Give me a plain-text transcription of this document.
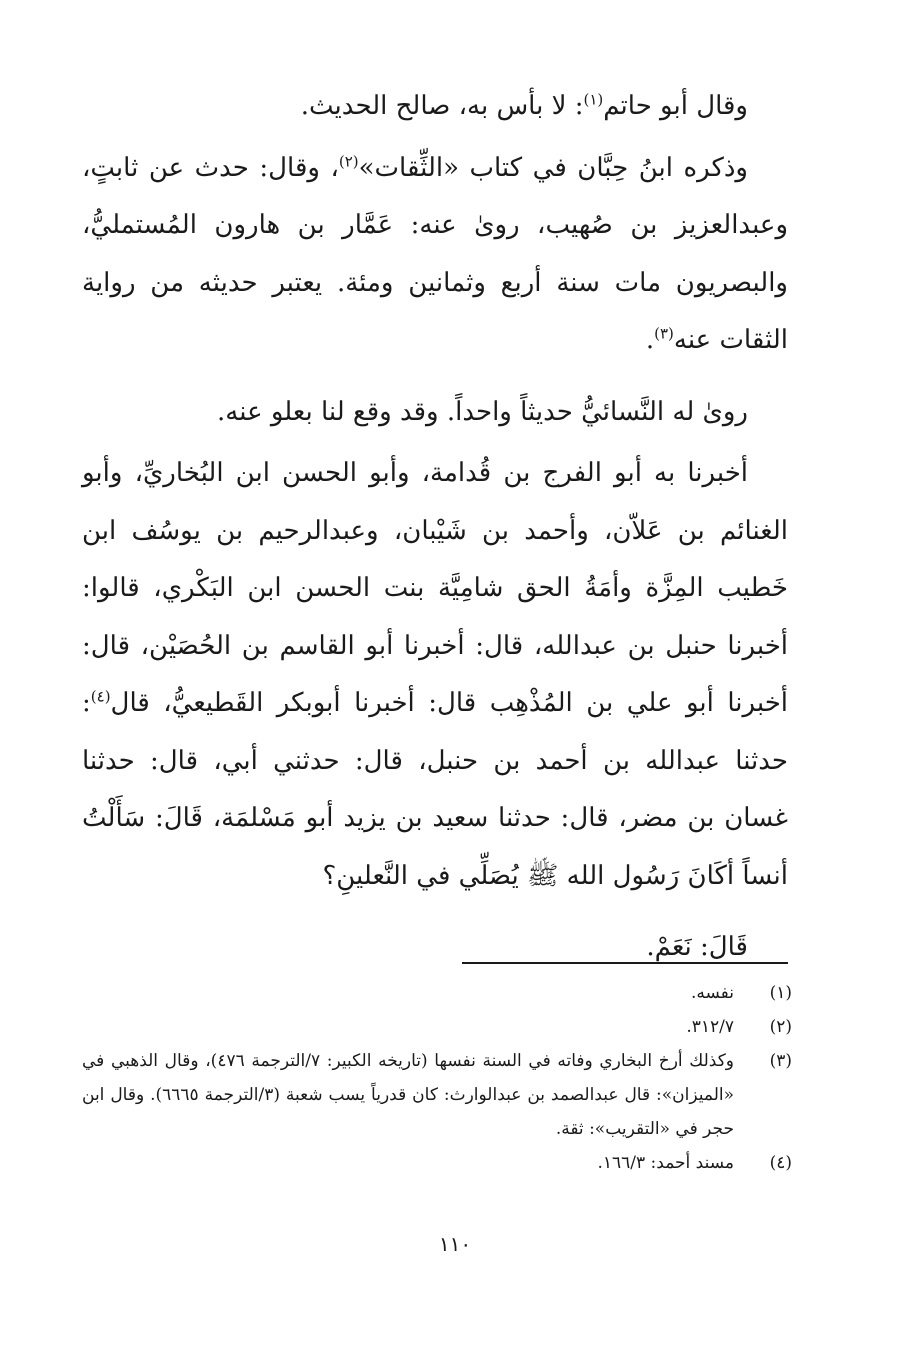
وقال أبو حاتم$^{(١)}$: لا بأس به، صالح الحديث.

وذكره ابنُ حِبَّان في كتاب «الثِّقات»$^{(٢)}$، وقال: حدث عن ثابتٍ، وعبدالعزيز بن صُهيب، روىٰ عنه: عَمَّار بن هارون المُستمليُّ، والبصريون مات سنة أربع وثمانين ومئة. يعتبر حديثه من رواية الثقات عنه$^{(٣)}$.

روىٰ له النَّسائيُّ حديثاً واحداً. وقد وقع لنا بعلو عنه.

أخبرنا به أبو الفرج بن قُدامة، وأبو الحسن ابن البُخاريِّ، وأبو الغنائم بن عَلاّن، وأحمد بن شَيْبان، وعبدالرحيم بن يوسُف ابن خَطيب المِزَّة وأمَةُ الحق شامِيَّة بنت الحسن ابن البَكْري، قالوا: أخبرنا حنبل بن عبدالله، قال: أخبرنا أبو القاسم بن الحُصَيْن، قال: أخبرنا أبو علي بن المُذْهِب قال: أخبرنا أبوبكر القَطيعيُّ، قال$^{(٤)}$: حدثنا عبدالله بن أحمد بن حنبل، قال: حدثني أبي، قال: حدثنا غسان بن مضر، قال: حدثنا سعيد بن يزيد أبو مَسْلمَة، قَالَ: سَأَلْتُ أنساً أكَانَ رَسُول الله ﷺ يُصَلِّي في النَّعلينِ؟

قَالَ: نَعَمْ.

(١)
نفسه.
(٢)
٣١٢/٧.
(٣)
وكذلك أرخ البخاري وفاته في السنة نفسها (تاريخه الكبير: ٧/الترجمة ٤٧٦)، وقال الذهبي في «الميزان»: قال عبدالصمد بن عبدالوارث: كان قدرياً يسب شعبة (٣/الترجمة ٦٦٦٥). وقال ابن حجر في «التقريب»: ثقة.
(٤)
مسند أحمد: ١٦٦/٣.
١١٠
